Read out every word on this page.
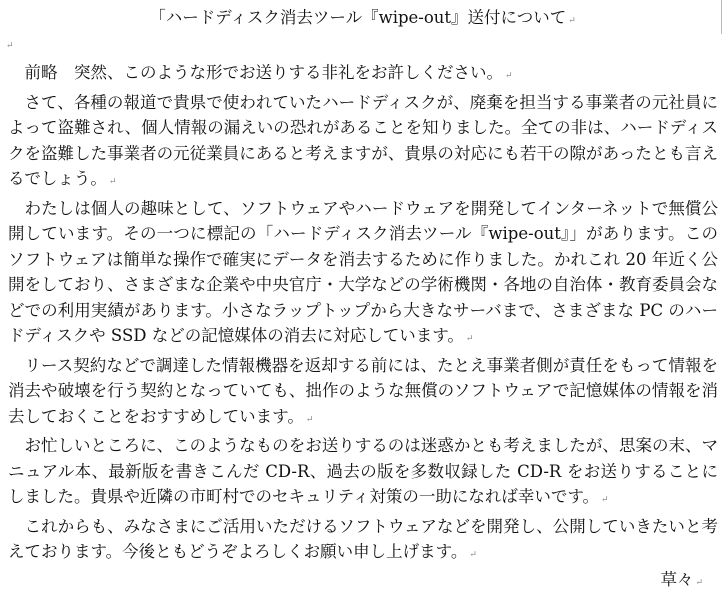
「ハードディスク消去ツール『wipe-out』送付について ↵
↵

前略　突然、このような形でお送りする非礼をお許しください。 ↵

さて、各種の報道で貴県で使われていたハードディスクが、廃棄を担当する事業者の元社員によって盗難され、個人情報の漏えいの恐れがあることを知りました。全ての非は、ハードディスクを盗難した事業者の元従業員にあると考えますが、貴県の対応にも若干の隙があったとも言えるでしょう。 ↵

わたしは個人の趣味として、ソフトウェアやハードウェアを開発してインターネットで無償公開しています。その一つに標記の「ハードディスク消去ツール『wipe-out』」があります。このソフトウェアは簡単な操作で確実にデータを消去するために作りました。かれこれ 20 年近く公開をしており、さまざまな企業や中央官庁・大学などの学術機関・各地の自治体・教育委員会などでの利用実績があります。小さなラップトップから大きなサーバまで、さまざまな PC のハードディスクや SSD などの記憶媒体の消去に対応しています。 ↵

リース契約などで調達した情報機器を返却する前には、たとえ事業者側が責任をもって情報を消去や破壊を行う契約となっていても、拙作のような無償のソフトウェアで記憶媒体の情報を消去しておくことをおすすめしています。 ↵

お忙しいところに、このようなものをお送りするのは迷惑かとも考えましたが、思案の末、マニュアル本、最新版を書きこんだ CD-R、過去の版を多数収録した CD-R をお送りすることにしました。貴県や近隣の市町村でのセキュリティ対策の一助になれば幸いです。 ↵

これからも、みなさまにご活用いただけるソフトウェアなどを開発し、公開していきたいと考えております。今後ともどうぞよろしくお願い申し上げます。 ↵

草々 ↵
